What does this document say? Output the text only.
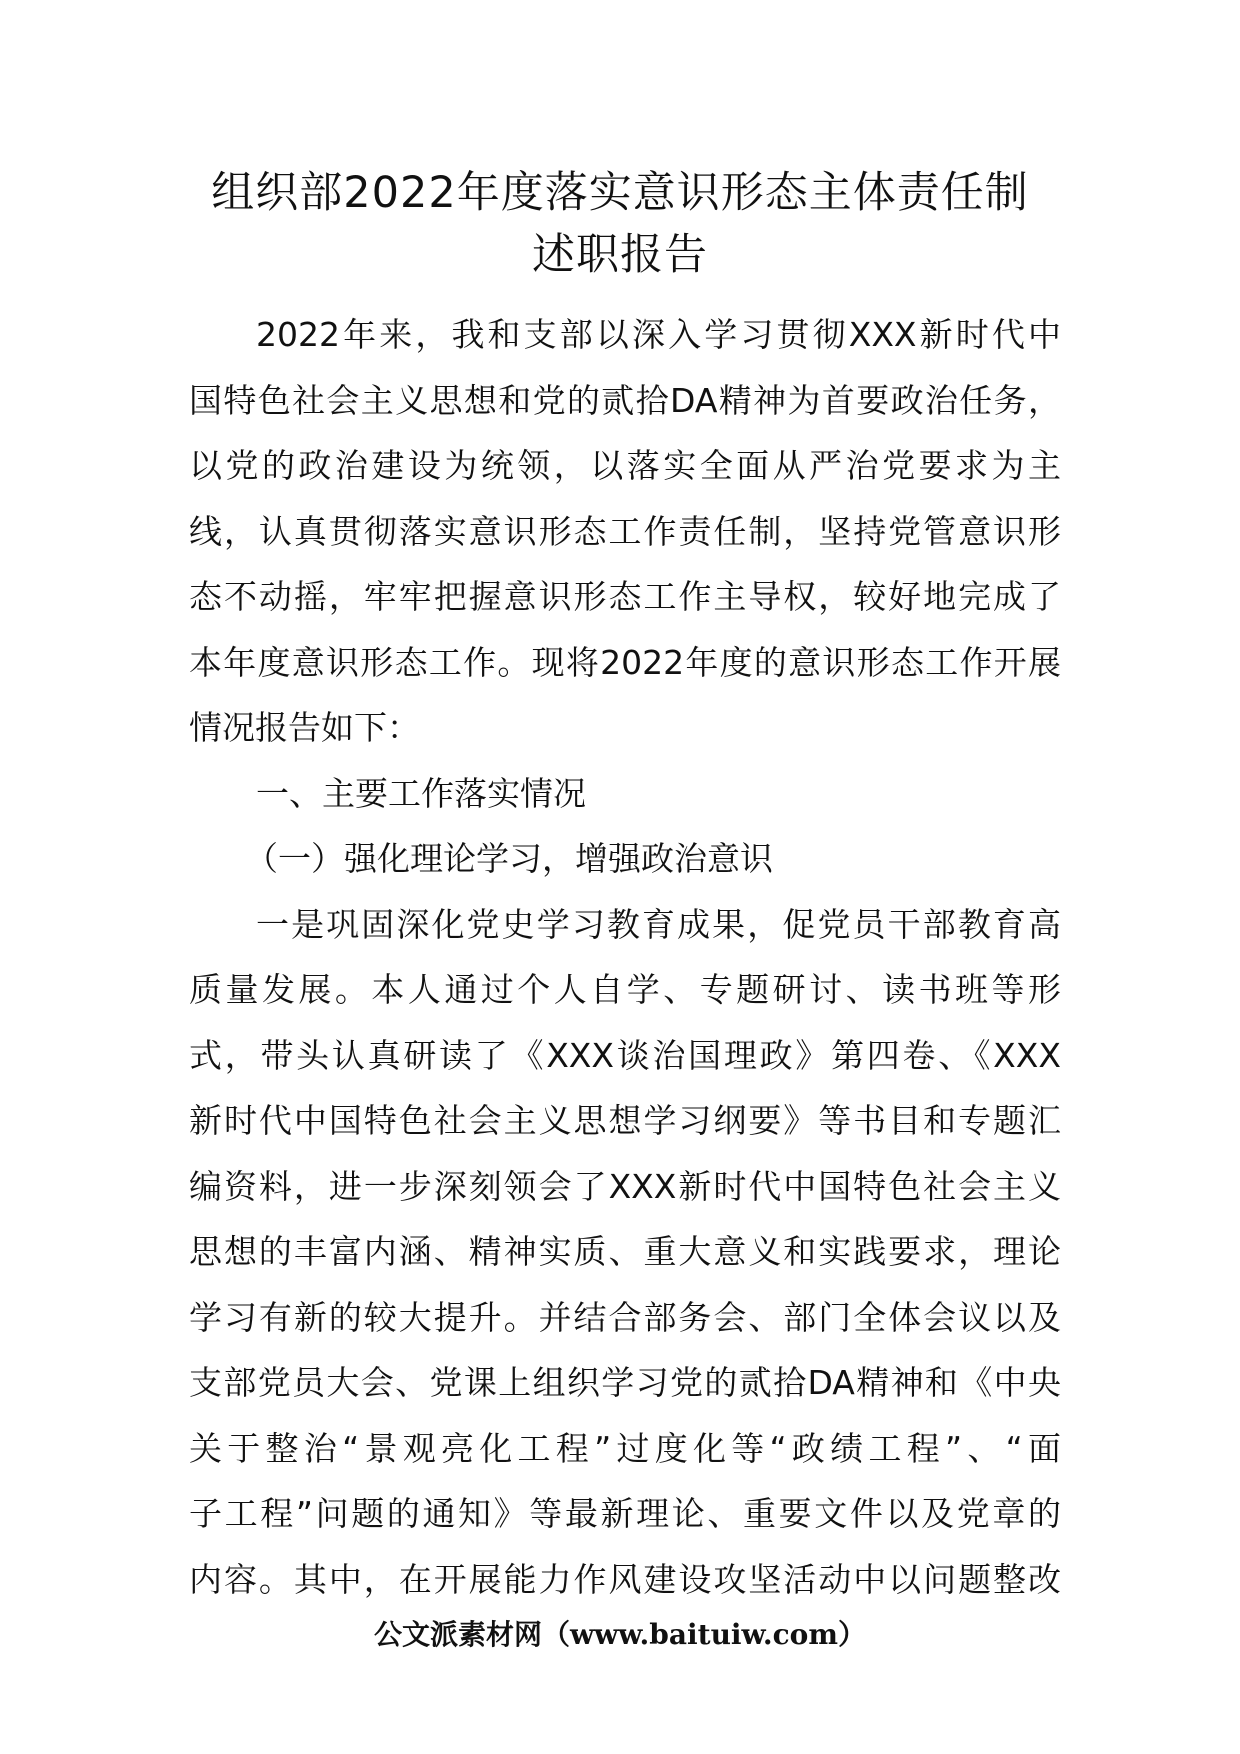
组织部2022年度落实意识形态主体责任制
述职报告
2022年来，我和支部以深入学习贯彻XXX新时代中
国特色社会主义思想和党的贰拾DA精神为首要政治任务，
以党的政治建设为统领，以落实全面从严治党要求为主
线，认真贯彻落实意识形态工作责任制，坚持党管意识形
态不动摇，牢牢把握意识形态工作主导权，较好地完成了
本年度意识形态工作。现将2022年度的意识形态工作开展
情况报告如下：
一、主要工作落实情况
（一）强化理论学习，增强政治意识
一是巩固深化党史学习教育成果，促党员干部教育高
质量发展。本人通过个人自学、专题研讨、读书班等形
式，带头认真研读了《XXX谈治国理政》第四卷、《XXX
新时代中国特色社会主义思想学习纲要》等书目和专题汇
编资料，进一步深刻领会了XXX新时代中国特色社会主义
思想的丰富内涵、精神实质、重大意义和实践要求，理论
学习有新的较大提升。并结合部务会、部门全体会议以及
支部党员大会、党课上组织学习党的贰拾DA精神和《中央
关于整治“景观亮化工程”过度化等“政绩工程”、“面
子工程”问题的通知》等最新理论、重要文件以及党章的
内容。其中，在开展能力作风建设攻坚活动中以问题整改
公文派素材网（www.baituiw.com）
